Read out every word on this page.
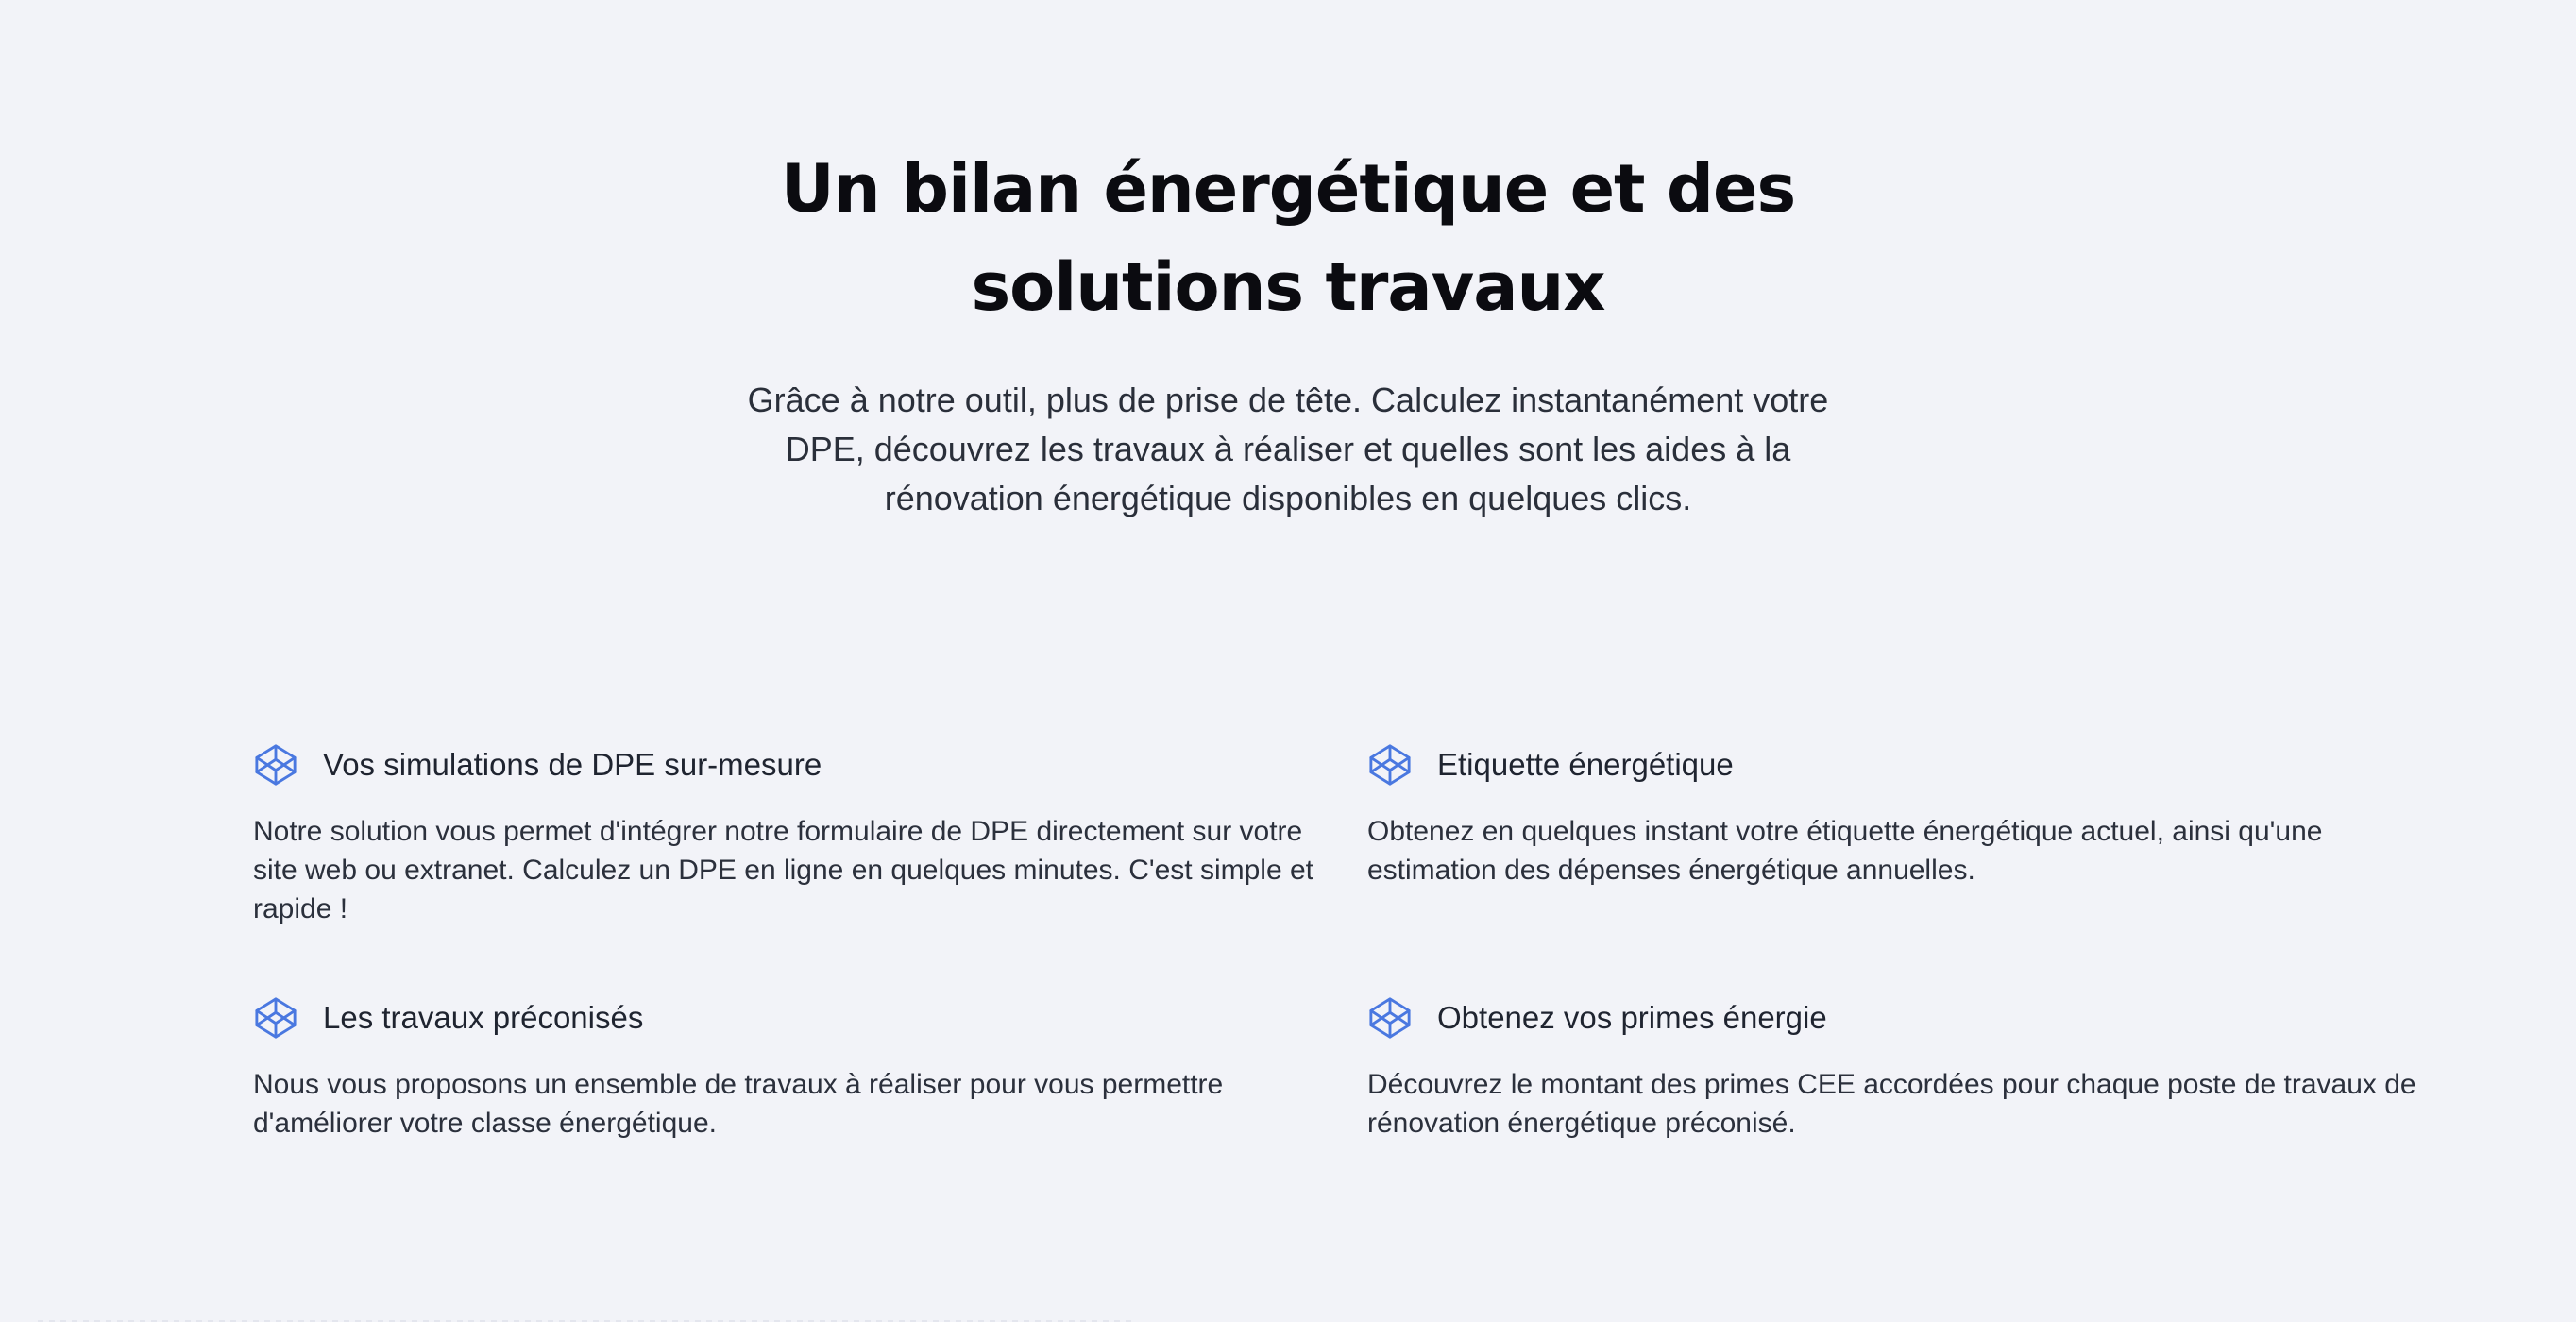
Un bilan énergétique et des
solutions travaux

Grâce à notre outil, plus de prise de tête. Calculez instantanément votre
DPE, découvrez les travaux à réaliser et quelles sont les aides à la
rénovation énergétique disponibles en quelques clics.

Vos simulations de DPE sur-mesure
Notre solution vous permet d'intégrer notre formulaire de DPE directement sur votre site web ou extranet. Calculez un DPE en ligne en quelques minutes. C'est simple et rapide !
Etiquette énergétique
Obtenez en quelques instant votre étiquette énergétique actuel, ainsi qu'une estimation des dépenses énergétique annuelles.
Les travaux préconisés
Nous vous proposons un ensemble de travaux à réaliser pour vous permettre d'améliorer votre classe énergétique.
Obtenez vos primes énergie
Découvrez le montant des primes CEE accordées pour chaque poste de travaux de rénovation énergétique préconisé.
